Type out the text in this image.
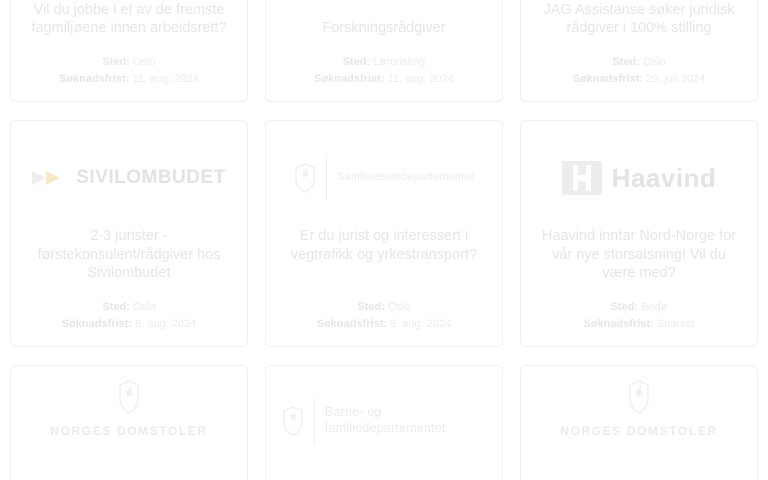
Vil du jobbe i et av de fremste fagmiljøene innen arbeidsrett?
Sted: Oslo
Søknadsfrist: 11. aug. 2024
Forskningsrådgiver
Sted: Lørenskog
Søknadsfrist: 11. aug. 2024
JAG Assistanse søker juridisk rådgiver i 100% stilling
Sted: Oslo
Søknadsfrist: 20. juli 2024
SIVILOMBUDET
2-3 jurister - førstekonsulent/rådgiver hos Sivilombudet
Sted: Oslo
Søknadsfrist: 6. aug. 2024
Samferdselsdepartementet
Er du jurist og interessert i vegtrafikk og yrkestransport?
Sted: Oslo
Søknadsfrist: 9. aug. 2024
Haavind
Haavind inntar Nord-Norge for vår nye storsatsning! Vil du være med?
Sted: Bodø
Søknadsfrist: Snarest
NORGES DOMSTOLER
Barne- og familiedepartementet	NORGES DOMSTOLER
